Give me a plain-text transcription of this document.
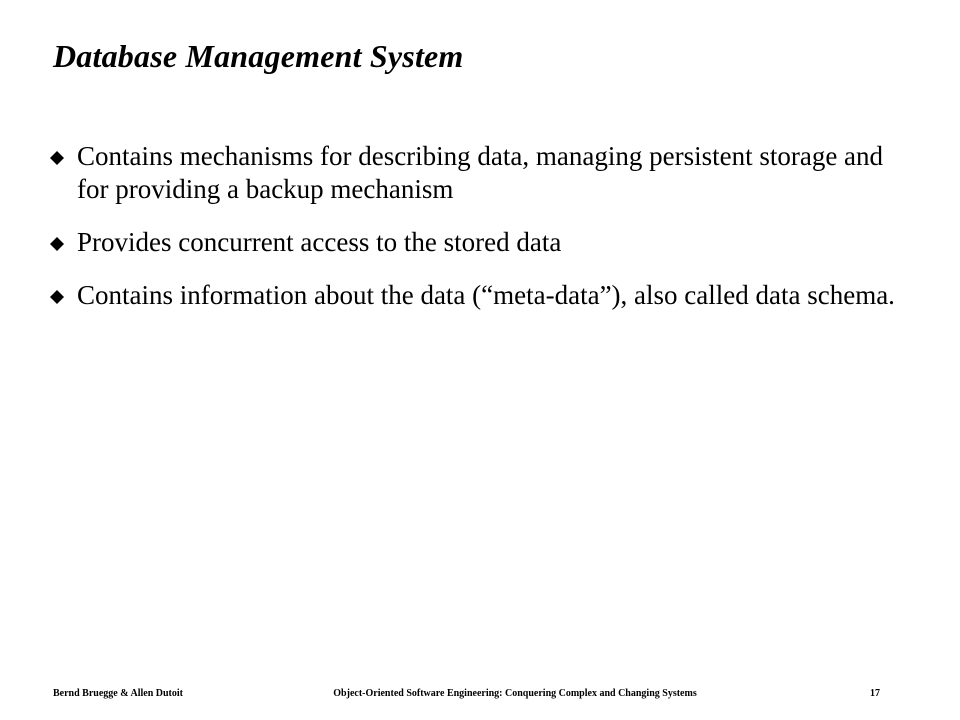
Database Management System
Contains mechanisms for describing data, managing persistent storage and for providing a backup mechanism
Provides concurrent access to the stored data
Contains information about the data (“meta-data”), also called data schema.
Bernd Bruegge & Allen Dutoit	Object-Oriented Software Engineering: Conquering Complex and Changing Systems	17
